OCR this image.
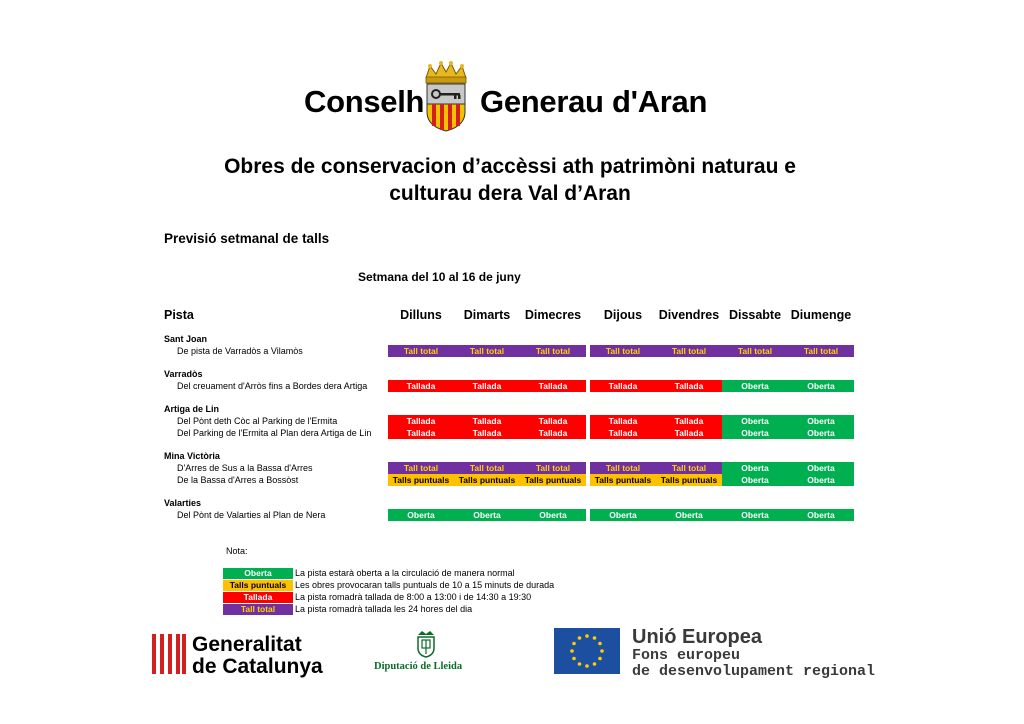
Conselh Generau d'Aran
Obres de conservacion d’accèssi ath patrimòni naturau e
culturau dera Val d’Aran
Previsió setmanal de talls
Setmana del 10 al 16 de juny
Pista	Dilluns	Dimarts	Dimecres	Dijous	Divendres Dissabte Diumenge
Sant Joan
De pista de Varradòs a Vilamòs	Tall total	Tall total	Tall total	Tall total	Tall total	Tall total	Tall total
Varradòs
Del creuament d'Arròs fins a Bordes dera Artiga	Tallada	Tallada	Tallada	Tallada	Tallada	Oberta	Oberta
Artiga de Lin
Del Pònt deth Còc al Parking de l'Ermita	Tallada	Tallada	Tallada	Tallada	Tallada	Oberta	Oberta
Del Parking de l'Ermita al Plan dera Artiga de Lin	Tallada	Tallada	Tallada	Tallada	Tallada	Oberta	Oberta
Mina Victòria
D'Arres de Sus a la Bassa d'Arres	Tall total	Tall total	Tall total	Tall total	Tall total	Oberta	Oberta
De la Bassa d'Arres a Bossòst	Talls puntuals	Talls puntuals	Talls puntuals	Talls puntuals	Talls puntuals	Oberta	Oberta
Valarties
Del Pònt de Valarties al Plan de Nera	Oberta	Oberta	Oberta	Oberta	Oberta	Oberta	Oberta
Nota:
Oberta	La pista estarà oberta a la circulació de manera normal
Talls puntuals Les obres provocaran talls puntuals de 10 a 15 minuts de durada
Tallada	La pista romadrà tallada de 8:00 a 13:00 i de 14:30 a 19:30
Tall total	La pista romadrà tallada les 24 hores del dia
Generalitat
de Catalunya	Diputació de Lleida
Unió Europea
Fons europeu
de desenvolupament regional
